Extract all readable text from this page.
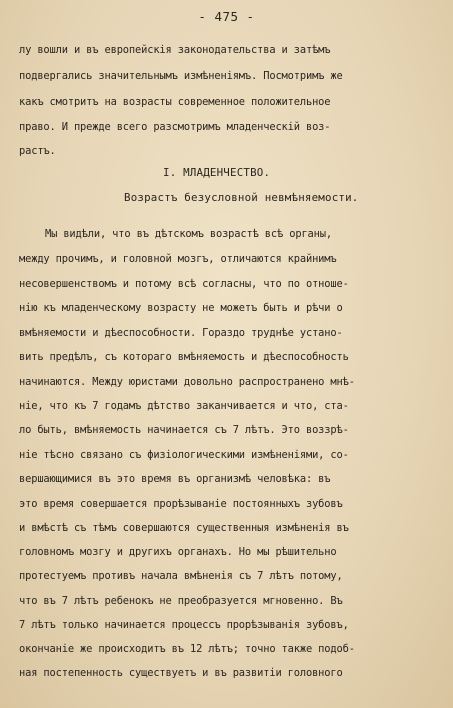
- 475 -
лу вошли и въ европейскія законодательства и затѣмъ
подвергались значительнымъ измѣненіямъ. Посмотримъ же
какъ смотритъ на возрасты современное положительное
право. И прежде всего разсмотримъ младенческій воз-
растъ.
I. МЛАДЕНЧЕСТВО.
Возрастъ безусловной невмѣняемости.
Мы видѣли, что въ дѣтскомъ возрастѣ всѣ органы,
между прочимъ, и головной мозгъ, отличаются крайнимъ
несовершенствомъ и потому всѣ согласны, что по отноше-
нію къ младенческому возрасту не можетъ быть и рѣчи о
вмѣняемости и дѣеспособности. Гораздо труднѣе устано-
вить предѣлъ, съ котораго вмѣняемость и дѣеспособность
начинаются. Между юристами довольно распространено мнѣ-
ніе, что къ 7 годамъ дѣтство заканчивается и что, ста-
ло быть, вмѣняемость начинается съ 7 лѣтъ. Это воззрѣ-
ніе тѣсно связано съ физіологическими измѣненіями, со-
вершающимися въ это время въ организмѣ человѣка: въ
это время совершается прорѣзываніе постоянныхъ зубовъ
и вмѣстѣ съ тѣмъ совершаются существенныя измѣненія въ
головномъ мозгу и другихъ органахъ. Но мы рѣшительно
протестуемъ противъ начала вмѣненія съ 7 лѣтъ потому,
что въ 7 лѣтъ ребенокъ не преобразуется мгновенно. Въ
7 лѣтъ только начинается процессъ прорѣзыванія зубовъ,
окончаніе же происходитъ въ 12 лѣтъ; точно также подоб-
ная постепенность существуетъ и въ развитіи головного
